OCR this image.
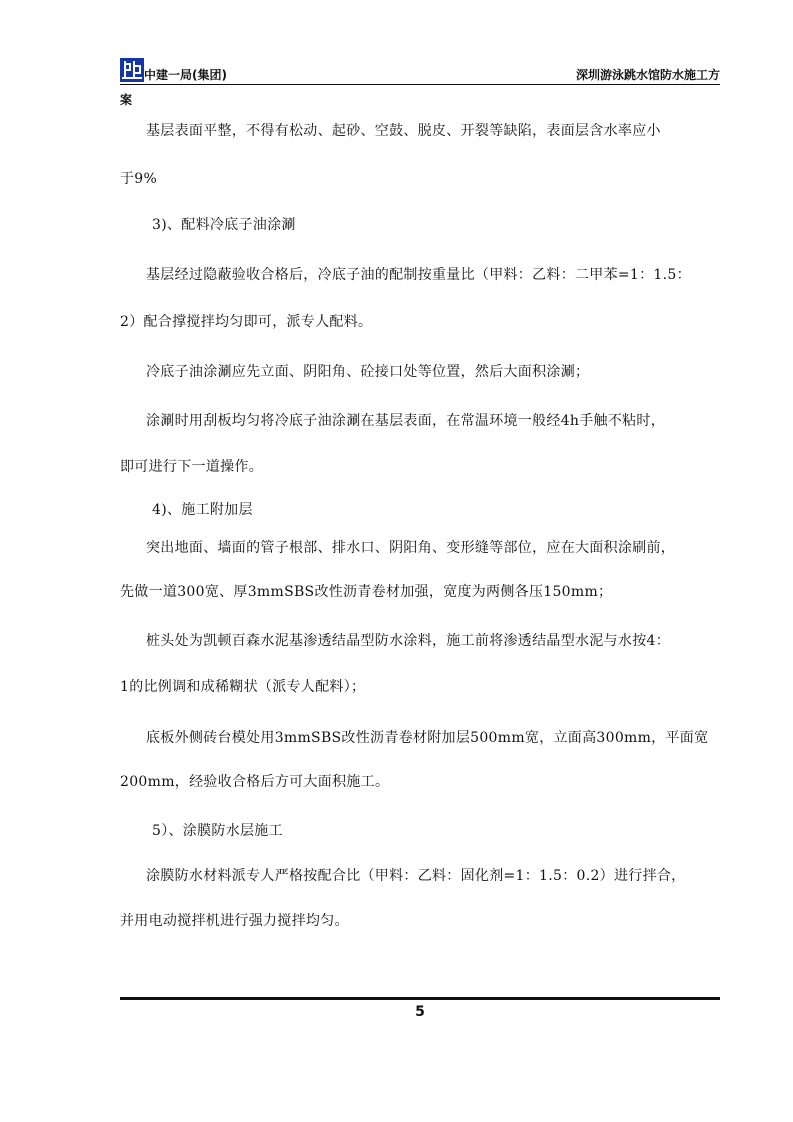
中建一局(集团)	深圳游泳跳水馆防水施工方
案
基层表面平整，不得有松动、起砂、空鼓、脱皮、开裂等缺陷，表面层含水率应小
于9%
3)、配料冷底子油涂涮
基层经过隐蔽验收合格后，冷底子油的配制按重量比（甲料：乙料：二甲苯=1：1.5：
2）配合撑搅拌均匀即可，派专人配料。
冷底子油涂涮应先立面、阴阳角、砼接口处等位置，然后大面积涂涮；
涂涮时用刮板均匀将冷底子油涂涮在基层表面，在常温环境一般经4h手触不粘时，
即可进行下一道操作。
4)、施工附加层
突出地面、墙面的管子根部、排水口、阴阳角、变形缝等部位，应在大面积涂刷前，
先做一道300宽、厚3mmSBS改性沥青卷材加强，宽度为两侧各压150mm；
桩头处为凯顿百森水泥基渗透结晶型防水涂料，施工前将渗透结晶型水泥与水按4：
1的比例调和成稀糊状（派专人配料）；
底板外侧砖台模处用3mmSBS改性沥青卷材附加层500mm宽，立面高300mm，平面宽
200mm，经验收合格后方可大面积施工。
5）、涂膜防水层施工
涂膜防水材料派专人严格按配合比（甲料：乙料：固化剂=1：1.5：0.2）进行拌合，
并用电动搅拌机进行强力搅拌均匀。
5
